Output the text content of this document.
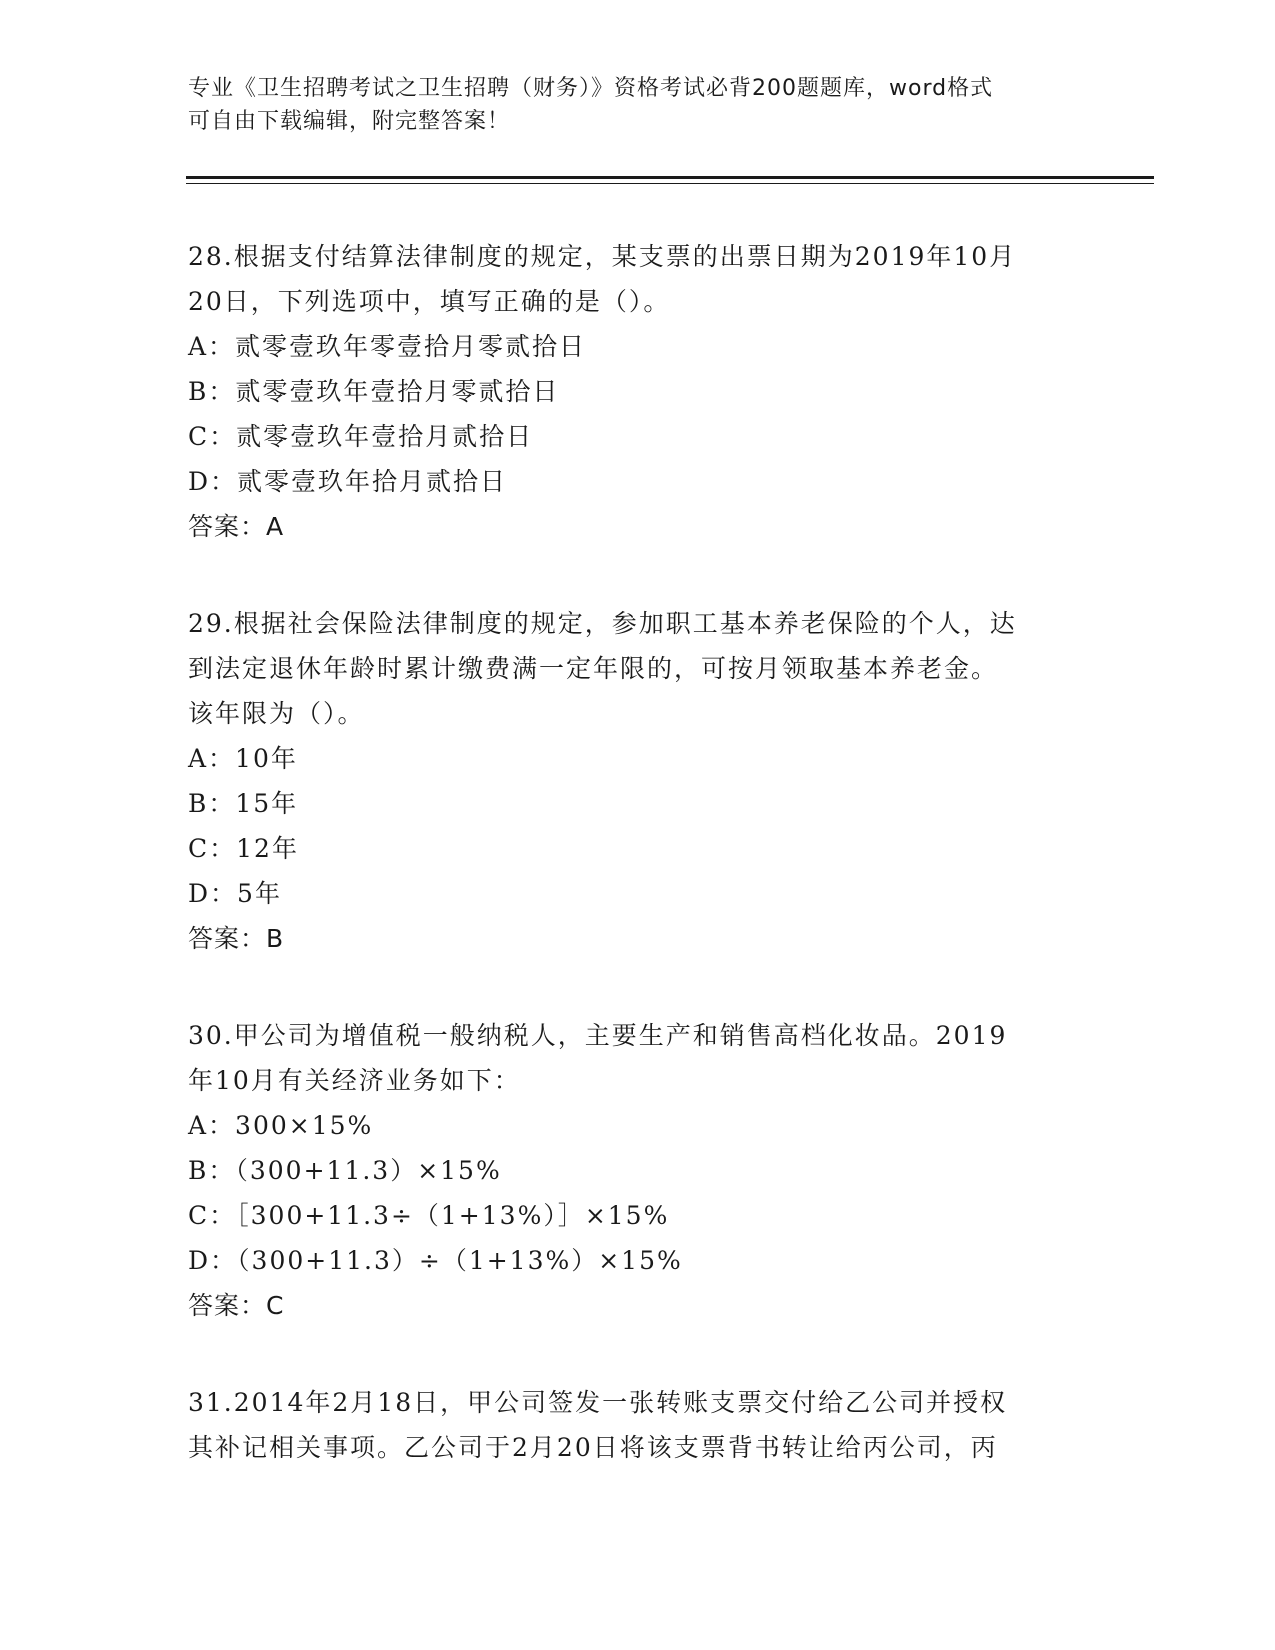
专业《卫生招聘考试之卫生招聘（财务）》资格考试必背200题题库，word格式
可自由下载编辑，附完整答案！
28.根据支付结算法律制度的规定，某支票的出票日期为2019年10月
20日，下列选项中，填写正确的是（）。
A：贰零壹玖年零壹拾月零贰拾日
B：贰零壹玖年壹拾月零贰拾日
C：贰零壹玖年壹拾月贰拾日
D：贰零壹玖年拾月贰拾日
答案：A
29.根据社会保险法律制度的规定，参加职工基本养老保险的个人，达
到法定退休年龄时累计缴费满一定年限的，可按月领取基本养老金。
该年限为（）。
A：10年
B：15年
C：12年
D：5年
答案：B
30.甲公司为增值税一般纳税人，主要生产和销售高档化妆品。2019
年10月有关经济业务如下：
A：300×15%
B：（300+11.3）×15%
C：［300+11.3÷（1+13%）］×15%
D：（300+11.3）÷（1+13%）×15%
答案：C
31.2014年2月18日，甲公司签发一张转账支票交付给乙公司并授权
其补记相关事项。乙公司于2月20日将该支票背书转让给丙公司，丙
